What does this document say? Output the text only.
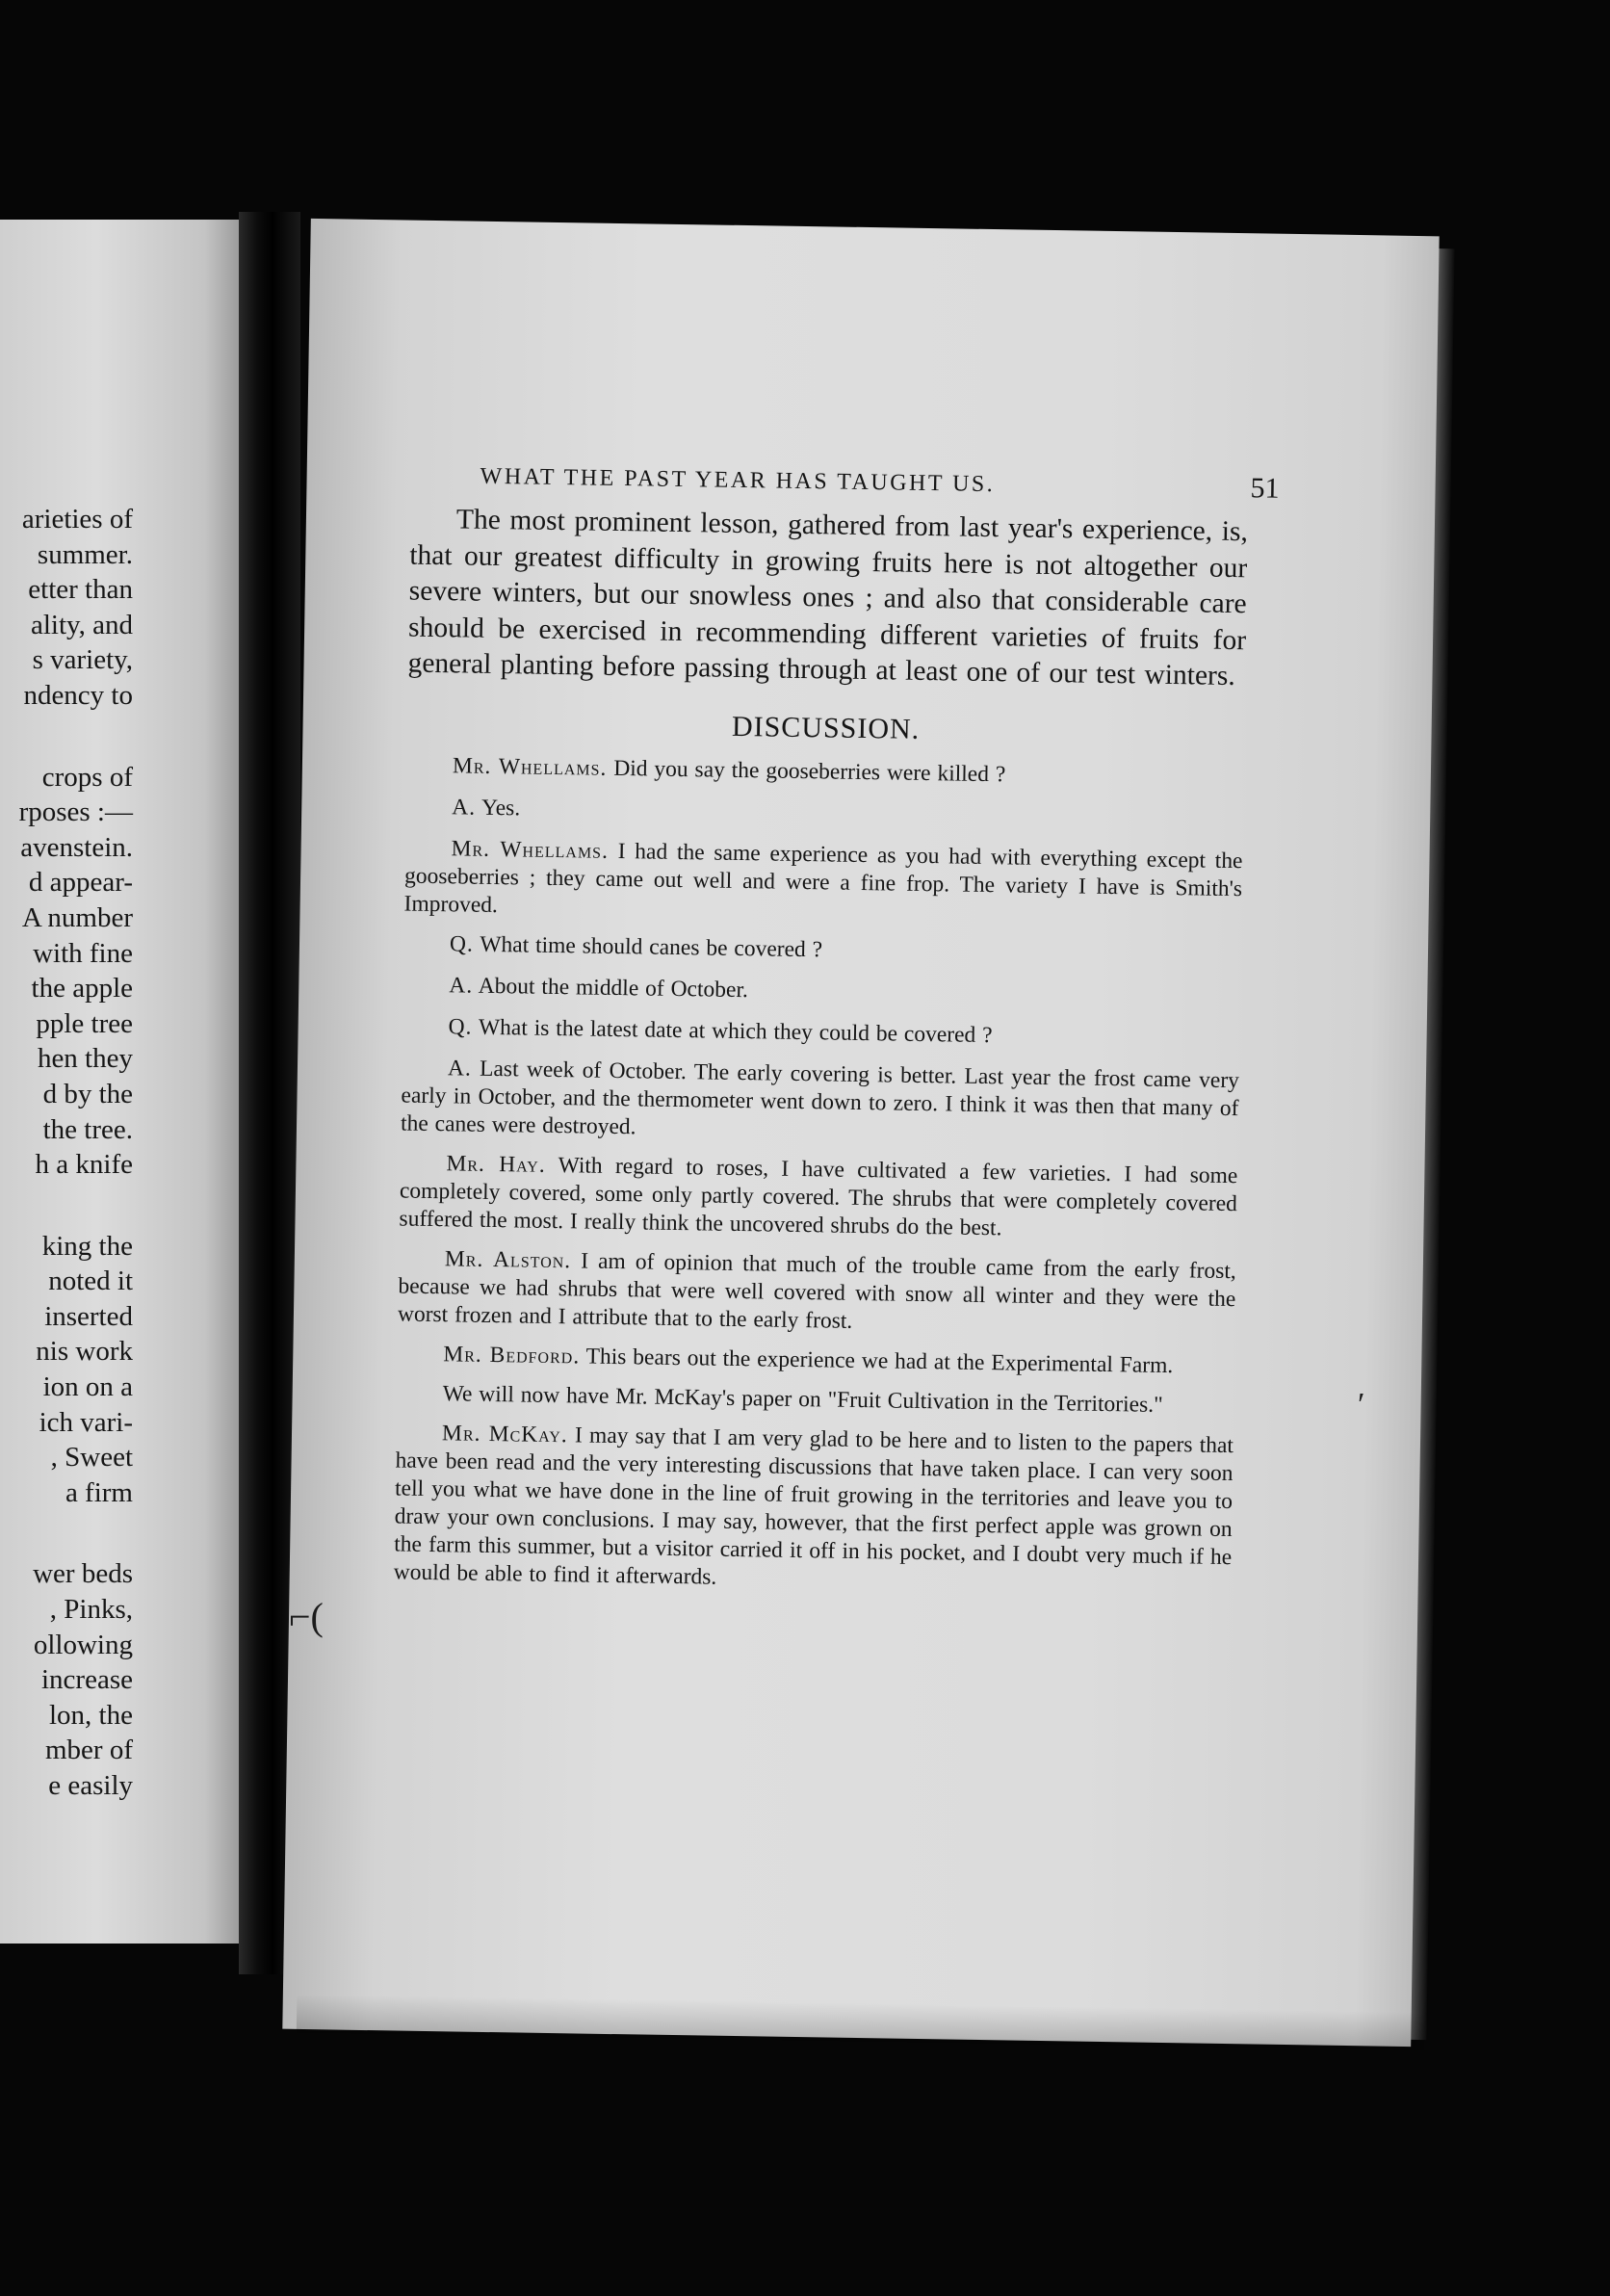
arieties of
summer.
etter than
ality, and
s variety,
ndency to
crops of
rposes :—
avenstein.
d appear-
A number
with fine
the apple
pple tree
hen they
d by the
the tree.
h a knife
king the
noted it
inserted
nis work
ion on a
ich vari-
, Sweet
a firm
wer beds
, Pinks,
ollowing
increase
lon, the
mber of
e easily
WHAT THE PAST YEAR HAS TAUGHT US.	51

The most prominent lesson, gathered from last year's experience, is, that our greatest difficulty in growing fruits here is not altogether our severe winters, but our snowless ones ; and also that considerable care should be exercised in recommending different varieties of fruits for general planting before passing through at least one of our test winters.

DISCUSSION.

Mr. Whellams. Did you say the gooseberries were killed ?

A. Yes.

Mr. Whellams. I had the same experience as you had with everything except the gooseberries ; they came out well and were a fine frop. The variety I have is Smith's Improved.

Q. What time should canes be covered ?

A. About the middle of October.

Q. What is the latest date at which they could be covered ?

A. Last week of October. The early covering is better. Last year the frost came very early in October, and the thermometer went down to zero. I think it was then that many of the canes were destroyed.

Mr. Hay. With regard to roses, I have cultivated a few varieties. I had some completely covered, some only partly covered. The shrubs that were completely covered suffered the most. I really think the uncovered shrubs do the best.

Mr. Alston. I am of opinion that much of the trouble came from the early frost, because we had shrubs that were well covered with snow all winter and they were the worst frozen and I attribute that to the early frost.

Mr. Bedford. This bears out the experience we had at the Experimental Farm.

We will now have Mr. McKay's paper on "Fruit Cultivation in the Territories."

Mr. McKay. I may say that I am very glad to be here and to listen to the papers that have been read and the very interesting discussions that have taken place. I can very soon tell you what we have done in the line of fruit growing in the territories and leave you to draw your own conclusions. I may say, however, that the first perfect apple was grown on the farm this summer, but a visitor carried it off in his pocket, and I doubt very much if he would be able to find it afterwards.

⌐(
′
